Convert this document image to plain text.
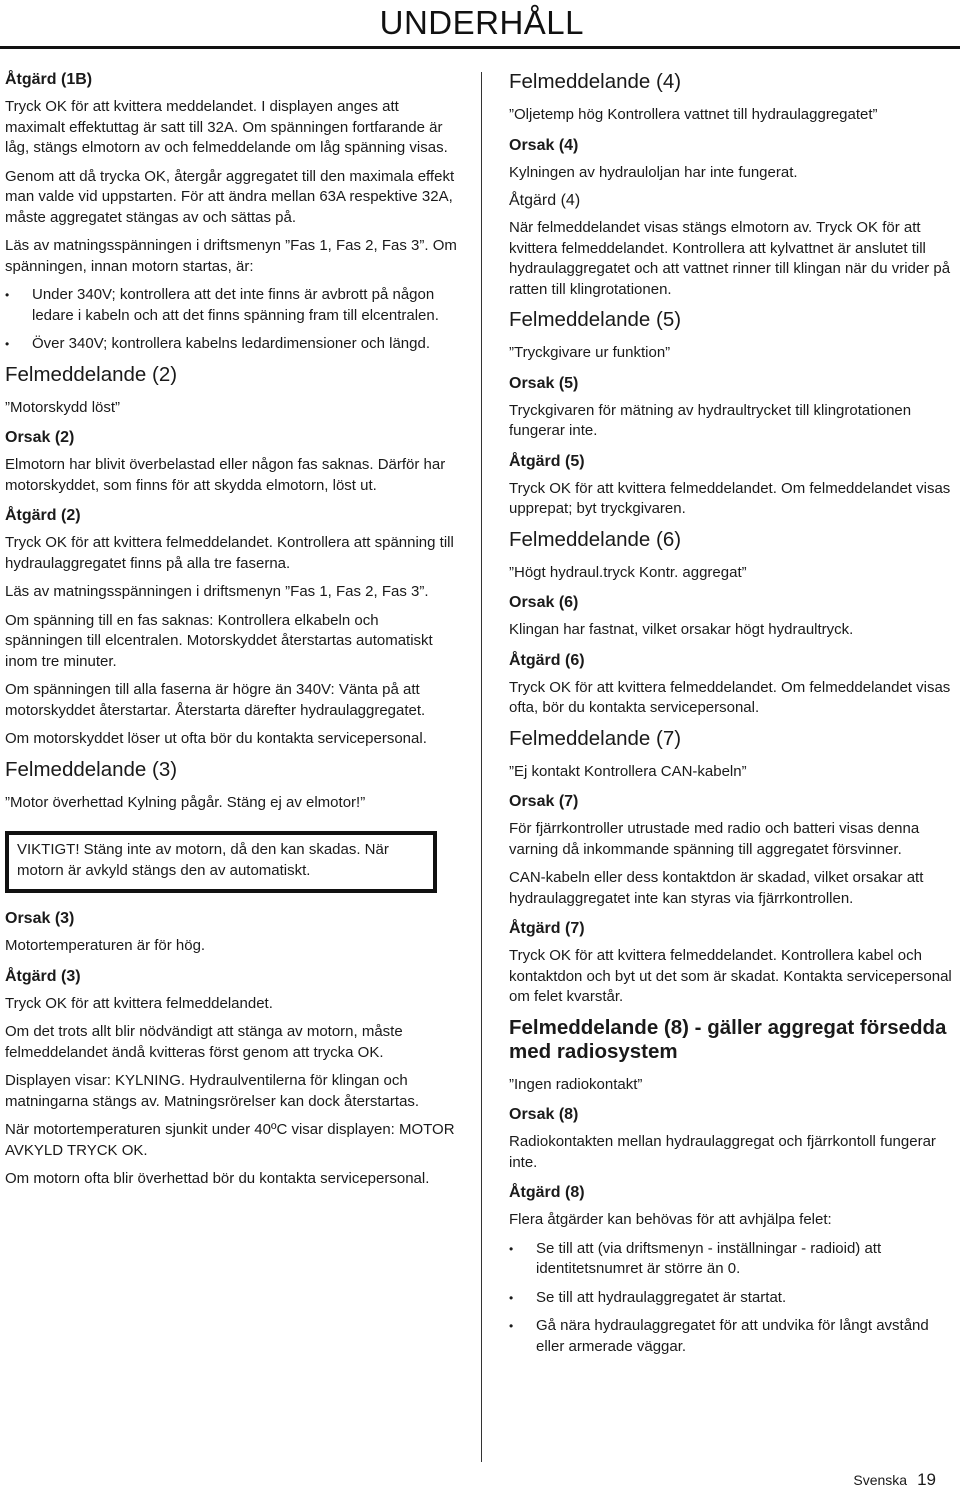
UNDERHÅLL
Åtgärd (1B)

Tryck OK för att kvittera meddelandet. I displayen anges att maximalt effektuttag är satt till 32A. Om spänningen fortfarande är låg, stängs elmotorn av och felmeddelande om låg spänning visas.

Genom att då trycka OK, återgår aggregatet till den maximala effekt man valde vid uppstarten. För att ändra mellan 63A respektive 32A, måste aggregatet stängas av och sättas på.

Läs av matningsspänningen i driftsmenyn ”Fas 1, Fas 2, Fas 3”. Om spänningen, innan motorn startas, är:

• Under 340V; kontrollera att det inte finns är avbrott på någon ledare i kabeln och att det finns spänning fram till elcentralen.
• Över 340V; kontrollera kabelns ledardimensioner och längd.
Felmeddelande (2)

”Motorskydd löst”

Orsak (2)

Elmotorn har blivit överbelastad eller någon fas saknas. Därför har motorskyddet, som finns för att skydda elmotorn, löst ut.

Åtgärd (2)

Tryck OK för att kvittera felmeddelandet. Kontrollera att spänning till hydraulaggregatet finns på alla tre faserna.

Läs av matningsspänningen i driftsmenyn ”Fas 1, Fas 2, Fas 3”.

Om spänning till en fas saknas: Kontrollera elkabeln och spänningen till elcentralen. Motorskyddet återstartas automatiskt inom tre minuter.

Om spänningen till alla faserna är högre än 340V: Vänta på att motorskyddet återstartar. Återstarta därefter hydraulaggregatet.

Om motorskyddet löser ut ofta bör du kontakta servicepersonal.

Felmeddelande (3)

”Motor överhettad Kylning pågår. Stäng ej av elmotor!”

VIKTIGT! Stäng inte av motorn, då den kan skadas. När motorn är avkyld stängs den av automatiskt.

Orsak (3)

Motortemperaturen är för hög.

Åtgärd (3)

Tryck OK för att kvittera felmeddelandet.

Om det trots allt blir nödvändigt att stänga av motorn, måste felmeddelandet ändå kvitteras först genom att trycka OK.

Displayen visar: KYLNING. Hydraulventilerna för klingan och matningarna stängs av. Matningsrörelser kan dock återstartas.

När motortemperaturen sjunkit under 40ºC visar displayen: MOTOR AVKYLD TRYCK OK.

Om motorn ofta blir överhettad bör du kontakta servicepersonal.

Felmeddelande (4)

”Oljetemp hög Kontrollera vattnet till hydraulaggregatet”

Orsak (4)

Kylningen av hydrauloljan har inte fungerat.

Åtgärd (4)

När felmeddelandet visas stängs elmotorn av. Tryck OK för att kvittera felmeddelandet. Kontrollera att kylvattnet är anslutet till hydraulaggregatet och att vattnet rinner till klingan när du vrider på ratten till klingrotationen.

Felmeddelande (5)

”Tryckgivare ur funktion”

Orsak (5)

Tryckgivaren för mätning av hydraultrycket till klingrotationen fungerar inte.

Åtgärd (5)

Tryck OK för att kvittera felmeddelandet. Om felmeddelandet visas upprepat; byt tryckgivaren.

Felmeddelande (6)

”Högt hydraul.tryck Kontr. aggregat”

Orsak (6)

Klingan har fastnat, vilket orsakar högt hydraultryck.

Åtgärd (6)

Tryck OK för att kvittera felmeddelandet. Om felmeddelandet visas ofta, bör du kontakta servicepersonal.

Felmeddelande (7)

”Ej kontakt Kontrollera CAN-kabeln”

Orsak (7)

För fjärrkontroller utrustade med radio och batteri visas denna varning då inkommande spänning till aggregatet försvinner.

CAN-kabeln eller dess kontaktdon är skadad, vilket orsakar att hydraulaggregatet inte kan styras via fjärrkontrollen.

Åtgärd (7)

Tryck OK för att kvittera felmeddelandet. Kontrollera kabel och kontaktdon och byt ut det som är skadat. Kontakta servicepersonal om felet kvarstår.

Felmeddelande (8) - gäller aggregat försedda med radiosystem

”Ingen radiokontakt”

Orsak (8)

Radiokontakten mellan hydraulaggregat och fjärrkontoll fungerar inte.

Åtgärd (8)

Flera åtgärder kan behövas för att avhjälpa felet:

• Se till att (via driftsmenyn - inställningar - radioid) att identitetsnumret är större än 0.
• Se till att hydraulaggregatet är startat.
• Gå nära hydraulaggregatet för att undvika för långt avstånd eller armerade väggar.
Svenska 19
